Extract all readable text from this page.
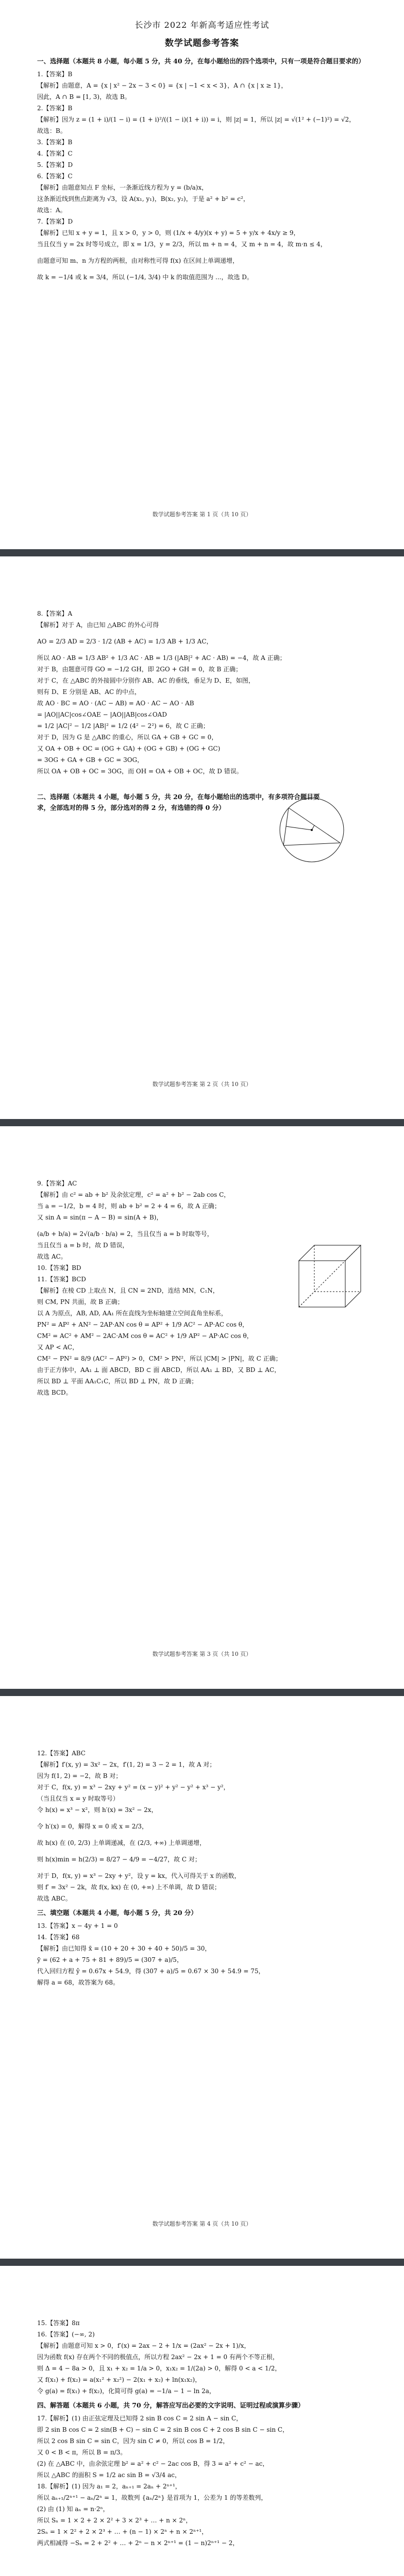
长沙市 2022 年新高考适应性考试
数学试题参考答案
一、选择题（本题共 8 小题，每小题 5 分，共 40 分，在每小题给出的四个选项中，只有一项是符合题目要求的）
1.【答案】B
【解析】由题意，A = {x | x² − 2x − 3 < 0} = {x | −1 < x < 3}，A ∩ {x | x ≥ 1}，
因此，A ∩ B = [1, 3)，故选 B。
2.【答案】B
【解析】因为 z = (1 + i)/(1 − i) = (1 + i)²/((1 − i)(1 + i)) = i，则 |z| = 1，所以 |z| = √(1² + (−1)²) = √2，
故选：B。
3.【答案】B
4.【答案】C
5.【答案】D
6.【答案】C
【解析】由题意知点 F 坐标，一条渐近线方程为 y = (b/a)x，
这条渐近线到焦点距离为 √3，设 A(x₁, y₁)，B(x₂, y₂)，于是 a² + b² = c²，
故选：A。
7.【答案】D
【解析】已知 x + y = 1，且 x > 0，y > 0，则 (1/x + 4/y)(x + y) = 5 + y/x + 4x/y ≥ 9，
当且仅当 y = 2x 时等号成立，即 x = 1/3，y = 2/3，所以 m + n = 4，又 m + n = 4，故 m·n ≤ 4，
由题意可知 m、n 为方程的两根，由对称性可得 f(x) 在区间上单调递增，
故 k = −1/4 或 k = 3/4，所以 (−1/4, 3/4) 中 k 的取值范围为 ...，故选 D。
数学试题参考答案 第 1 页（共 10 页）
8.【答案】A
【解析】对于 A，由已知 △ABC 的外心可得
AO = 2/3 AD = 2/3 · 1/2 (AB + AC) = 1/3 AB + 1/3 AC，
所以 AO · AB = 1/3 AB² + 1/3 AC · AB = 1/3 (|AB|² + AC · AB) = −4，故 A 正确；
对于 B，由题意可得 GO = −1/2 GH，即 2GO + GH = 0，故 B 正确；
对于 C，在 △ABC 的外接圆中分别作 AB、AC 的垂线，垂足为 D、E，如图，
则有 D、E 分别是 AB、AC 的中点，
故 AO · BC = AO · (AC − AB) = AO · AC − AO · AB
= |AO||AC|cos∠OAE − |AO||AB|cos∠OAD
= 1/2 |AC|² − 1/2 |AB|² = 1/2 (4² − 2²) = 6，故 C 正确；
对于 D，因为 G 是 △ABC 的重心，所以 GA + GB + GC = 0，
又 OA + OB + OC = (OG + GA) + (OG + GB) + (OG + GC)
= 3OG + GA + GB + GC = 3OG，
所以 OA + OB + OC = 3OG，而 OH = OA + OB + OC，故 D 错误。
二、选择题（本题共 4 小题，每小题 5 分，共 20 分，在每小题给出的选项中，有多项符合题目要求，全部选对的得 5 分，部分选对的得 2 分，有选错的得 0 分）
数学试题参考答案 第 2 页（共 10 页）
9.【答案】AC
【解析】由 c² = ab + b² 及余弦定理，c² = a² + b² − 2ab cos C，
当 a = −1/2，b = 4 时，则 ab + b² = 2 + 4 = 6，故 A 正确；
又 sin A = sin(π − A − B) = sin(A + B)，
(a/b + b/a) = 2√(a/b · b/a) = 2，当且仅当 a = b 时取等号，
当且仅当 a = b 时，故 D 错误，
故选 AC。
10.【答案】BD
11.【答案】BCD
【解析】在棱 CD 上取点 N，且 CN = 2ND，连结 MN，C₁N，
则 CM, PN 共面，故 B 正确；
以 A 为原点，AB, AD, AA₁ 所在直线为坐标轴建立空间直角坐标系，
PN² = AP² + AN² − 2AP·AN cos θ = AP² + 1/9 AC² − AP·AC cos θ，
CM² = AC² + AM² − 2AC·AM cos θ = AC² + 1/9 AP² − AP·AC cos θ，
又 AP < AC，
CM² − PN² = 8/9 (AC² − AP²) > 0，CM² > PN²，所以 |CM| > |PN|，故 C 正确；
由于正方体中，AA₁ ⊥ 面 ABCD，BD ⊂ 面 ABCD，所以 AA₁ ⊥ BD，又 BD ⊥ AC，
所以 BD ⊥ 平面 AA₁C₁C，所以 BD ⊥ PN，故 D 正确；
故选 BCD。
数学试题参考答案 第 3 页（共 10 页）
12.【答案】ABC
【解析】f′(x, y) = 3x² − 2x，f′(1, 2) = 3 − 2 = 1，故 A 对；
因为 f(1, 2) = −2，故 B 对；
对于 C，f(x, y) = x³ − 2xy + y² = (x − y)² + y² − y² + x³ − y²，
（当且仅当 x = y 时取等号）
令 h(x) = x³ − x²，则 h′(x) = 3x² − 2x，
令 h′(x) = 0，解得 x = 0 或 x = 2/3，
故 h(x) 在 (0, 2/3) 上单调递减，在 (2/3, +∞) 上单调递增，
则 h(x)min = h(2/3) = 8/27 − 4/9 = −4/27，故 C 对；
对于 D，f(x, y) = x³ − 2xy + y²，设 y = kx，代入可得关于 x 的函数，
则 f′ = 3x² − 2k，故 f(x, kx) 在 (0, +∞) 上不单调，故 D 错误；
故选 ABC。
三、填空题（本题共 4 小题，每小题 5 分，共 20 分）
13.【答案】x − 4y + 1 = 0
14.【答案】68
【解析】由已知得 x̄ = (10 + 20 + 30 + 40 + 50)/5 = 30，
ȳ = (62 + a + 75 + 81 + 89)/5 = (307 + a)/5，
代入回归方程 ŷ = 0.67x + 54.9，得 (307 + a)/5 = 0.67 × 30 + 54.9 = 75，
解得 a = 68，故答案为 68。
数学试题参考答案 第 4 页（共 10 页）
15.【答案】8π
16.【答案】(−∞, 2)
【解析】由题意可知 x > 0，f′(x) = 2ax − 2 + 1/x = (2ax² − 2x + 1)/x，
因为函数 f(x) 存在两个不同的极值点，所以方程 2ax² − 2x + 1 = 0 有两个不等正根，
则 Δ = 4 − 8a > 0，且 x₁ + x₂ = 1/a > 0，x₁x₂ = 1/(2a) > 0，解得 0 < a < 1/2，
又 f(x₁) + f(x₂) = a(x₁² + x₂²) − 2(x₁ + x₂) + ln(x₁x₂)，
令 g(a) = f(x₁) + f(x₂)，化简可得 g(a) = −1/a − 1 − ln 2a，
四、解答题（本题共 6 小题，共 70 分，解答应写出必要的文字说明、证明过程或演算步骤）
17.【解析】(1) 由正弦定理及已知得 2 sin B cos C = 2 sin A − sin C，
即 2 sin B cos C = 2 sin(B + C) − sin C = 2 sin B cos C + 2 cos B sin C − sin C，
所以 2 cos B sin C = sin C，因为 sin C ≠ 0，所以 cos B = 1/2，
又 0 < B < π，所以 B = π/3。
(2) 在 △ABC 中，由余弦定理 b² = a² + c² − 2ac cos B，得 3 = a² + c² − ac，
所以 △ABC 的面积 S = 1/2 ac sin B = √3/4 ac，
18.【解析】(1) 因为 a₁ = 2，aₙ₊₁ = 2aₙ + 2ⁿ⁺¹，
所以 aₙ₊₁/2ⁿ⁺¹ − aₙ/2ⁿ = 1，故数列 {aₙ/2ⁿ} 是首项为 1，公差为 1 的等差数列，
(2) 由 (1) 知 aₙ = n·2ⁿ，
所以 Sₙ = 1 × 2 + 2 × 2² + 3 × 2³ + … + n × 2ⁿ，
2Sₙ = 1 × 2² + 2 × 2³ + … + (n − 1) × 2ⁿ + n × 2ⁿ⁺¹，
两式相减得 −Sₙ = 2 + 2² + … + 2ⁿ − n × 2ⁿ⁺¹ = (1 − n)2ⁿ⁺¹ − 2，
